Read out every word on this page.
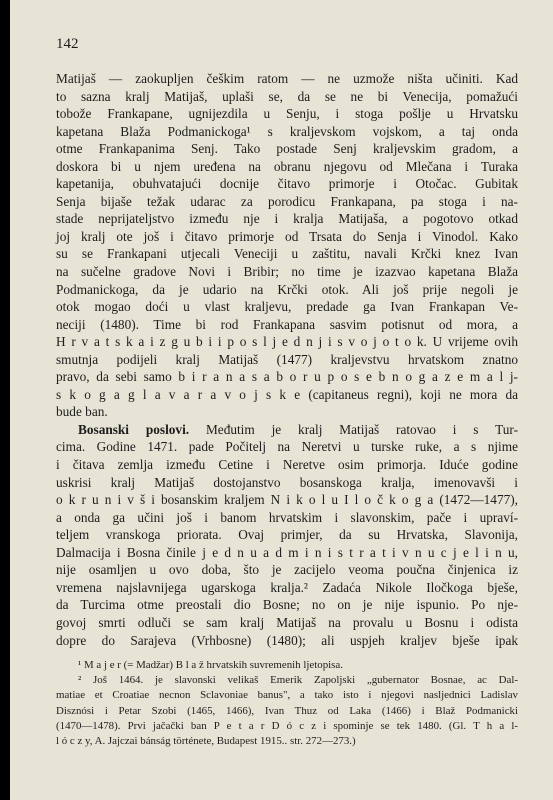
142
Matijaš — zaokupljen češkim ratom — ne uzmože ništa učiniti. Kad
to sazna kralj Matijaš, uplaši se, da se ne bi Venecija, pomažući
tobože Frankapane, ugnijezdila u Senju, i stoga pošlje u Hrvatsku
kapetana Blaža Podmanickoga¹ s kraljevskom vojskom, a taj onda
otme Frankapanima Senj. Tako postade Senj kraljevskim gradom, a
doskora bi u njem uređena na obranu njegovu od Mlečana i Turaka
kapetanija, obuhvatajući docnije čitavo primorje i Otočac. Gubitak
Senja bijaše težak udarac za porodicu Frankapana, pa stoga i na-
stade neprijateljstvo između nje i kralja Matijaša, a pogotovo otkad
joj kralj ote još i čitavo primorje od Trsata do Senja i Vinodol. Kako
su se Frankapani utjecali Veneciji u zaštitu, navali Krčki knez Ivan
na sučelne gradove Novi i Bribir; no time je izazvao kapetana Blaža
Podmanickoga, da je udario na Krčki otok. Ali još prije negoli je
otok mogao doći u vlast kraljevu, predade ga Ivan Frankapan Ve-
neciji (1480). Time bi rod Frankapana sasvim potisnut od mora, a
H r v a t s k a i z g u b i i p o s l j e d n j i s v o j o t o k. U vrijeme ovih
smutnja podijeli kralj Matijaš (1477) kraljevstvu hrvatskom znatno
pravo, da sebi samo b i r a n a s a b o r u p o s e b n o g a z e m a l j-
s k o g a g l a v a r a v o j s k e (capitaneus regni), koji ne mora da
bude ban.
Bosanski poslovi. Međutim je kralj Matijaš ratovao i s Tur-
cima. Godine 1471. pade Počitelj na Neretvi u turske ruke, a s njime
i čitava zemlja između Cetine i Neretve osim primorja. Iduće godine
uskrisi kralj Matijaš dostojanstvo bosanskoga kralja, imenovavši i
o k r u n i v š i bosanskim kraljem N i k o l u I l o č k o g a (1472—1477),
a onda ga učini još i banom hrvatskim i slavonskim, pače i upraví-
teljem vranskoga priorata. Ovaj primjer, da su Hrvatska, Slavonija,
Dalmacija i Bosna činile j e d n u a d m i n i s t r a t i v n u c j e l i n u,
nije osamljen u ovo doba, što je zacijelo veoma poučna činjenica iz
vremena najslavnijega ugarskoga kralja.² Zadaća Nikole Iločkoga bješe,
da Turcima otme preostali dio Bosne; no on je nije ispunio. Po nje-
govoj smrti odluči se sam kralj Matijaš na provalu u Bosnu i odista
dopre do Sarajeva (Vrhbosne) (1480); ali uspjeh kraljev bješe ipak
¹ M a j e r (= Madžar) B l a ž hrvatskih suvremenih ljetopisa.
² Još 1464. je slavonski velikaš Emerik Zapoljski „gubernator Bosnae, ac Dal-
matiae et Croatiae necnon Sclavoniae banus", a tako isto i njegovi nasljednici Ladislav
Disznósi i Petar Szobi (1465, 1466), Ivan Thuz od Laka (1466) i Blaž Podmanicki
(1470—1478). Prvi jačački ban P e t a r D ó c z i spominje se tek 1480. (Gl. T h a l-
l ó c z y, A. Jajczai bánság története, Budapest 1915.. str. 272—273.)
